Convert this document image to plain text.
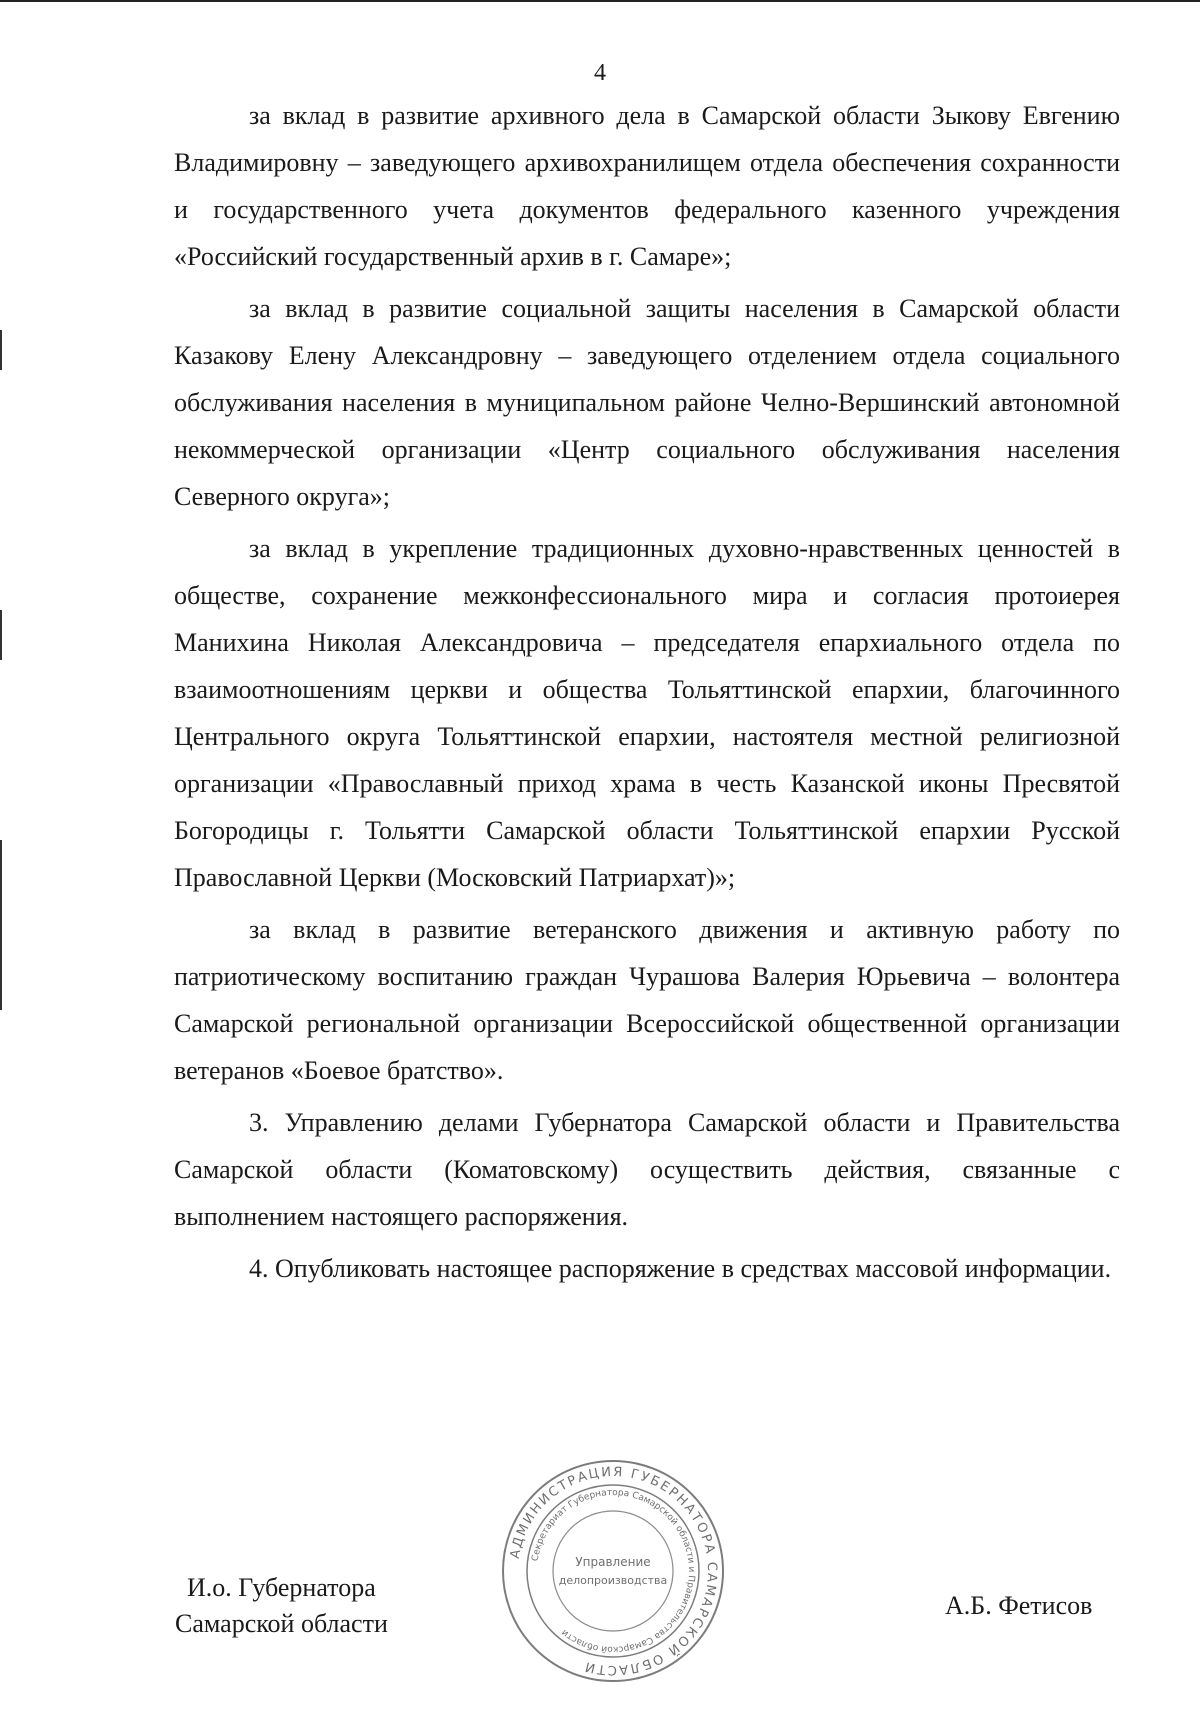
4

за вклад в развитие архивного дела в Самарской области Зыкову Евгению Владимировну – заведующего архивохранилищем отдела обеспечения сохранности и государственного учета документов федерального казенного учреждения «Российский государственный архив в г. Самаре»;

за вклад в развитие социальной защиты населения в Самарской области Казакову Елену Александровну – заведующего отделением отдела социального обслуживания населения в муниципальном районе Челно-Вершинский автономной некоммерческой организации «Центр социального обслуживания населения Северного округа»;

за вклад в укрепление традиционных духовно-нравственных ценностей в обществе, сохранение межконфессионального мира и согласия протоиерея Манихина Николая Александровича – председателя епархиального отдела по взаимоотношениям церкви и общества Тольяттинской епархии, благочинного Центрального округа Тольяттинской епархии, настоятеля местной религиозной организации «Православный приход храма в честь Казанской иконы Пресвятой Богородицы г. Тольятти Самарской области Тольяттинской епархии Русской Православной Церкви (Московский Патриархат)»;

за вклад в развитие ветеранского движения и активную работу по патриотическому воспитанию граждан Чурашова Валерия Юрьевича – волонтера Самарской региональной организации Всероссийской общественной организации ветеранов «Боевое братство».

3. Управлению делами Губернатора Самарской области и Правительства Самарской области (Коматовскому) осуществить действия, связанные с выполнением настоящего распоряжения.

4. Опубликовать настоящее распоряжение в средствах массовой информации.

И.о. Губернатора
Самарской области
А.Б. Фетисов
АДМИНИСТРАЦИЯ ГУБЕРНАТОРА САМАРСКОЙ ОБЛАСТИ
Секретариат Губернатора Самарской области и Правительства Самарской области
Управление
делопроизводства
